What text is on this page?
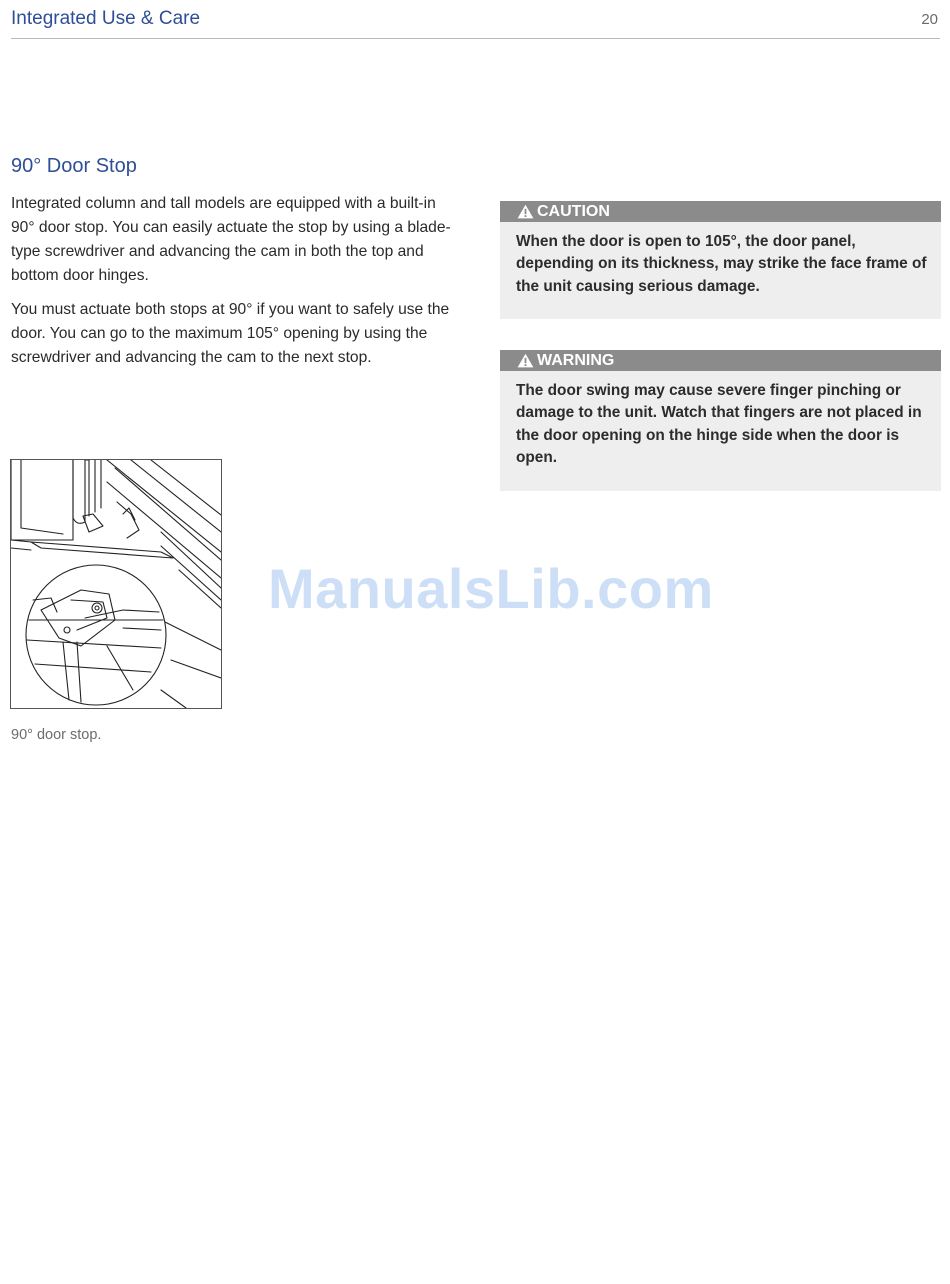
Integrated Use & Care	20
90° Door Stop

Integrated column and tall models are equipped with a built-in 90° door stop. You can easily actuate the stop by using a blade-type screwdriver and advancing the cam in both the top and bottom door hinges.

You must actuate both stops at 90° if you want to safely use the door. You can go to the maximum 105° opening by using the screwdriver and advancing the cam to the next stop.

90° door stop.
CAUTION
When the door is open to 105°, the door panel, depending on its thickness, may strike the face frame of the unit causing serious damage.
WARNING
The door swing may cause severe finger pinching or damage to the unit. Watch that fingers are not placed in the door opening on the hinge side when the door is open.
ManualsLib.com
